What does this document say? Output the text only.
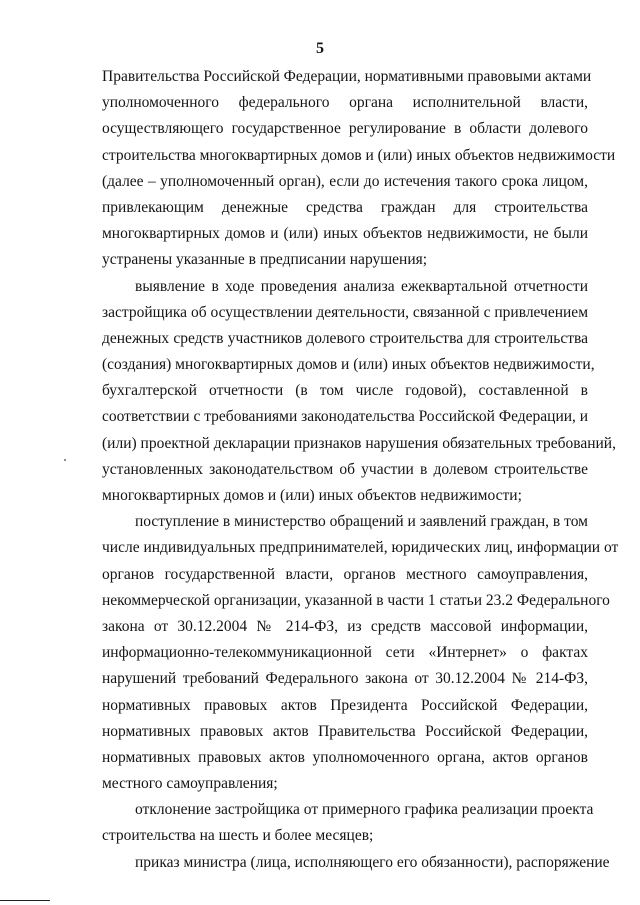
5
Правительства Российской Федерации, нормативными правовыми актами
уполномоченного федерального органа исполнительной власти,
осуществляющего государственное регулирование в области долевого
строительства многоквартирных домов и (или) иных объектов недвижимости
(далее – уполномоченный орган), если до истечения такого срока лицом,
привлекающим денежные средства граждан для строительства
многоквартирных домов и (или) иных объектов недвижимости, не были
устранены указанные в предписании нарушения;
выявление в ходе проведения анализа ежеквартальной отчетности
застройщика об осуществлении деятельности, связанной с привлечением
денежных средств участников долевого строительства для строительства
(создания) многоквартирных домов и (или) иных объектов недвижимости,
бухгалтерской отчетности (в том числе годовой), составленной в
соответствии с требованиями законодательства Российской Федерации, и
(или) проектной декларации признаков нарушения обязательных требований,
установленных законодательством об участии в долевом строительстве
многоквартирных домов и (или) иных объектов недвижимости;
поступление в министерство обращений и заявлений граждан, в том
числе индивидуальных предпринимателей, юридических лиц, информации от
органов государственной власти, органов местного самоуправления,
некоммерческой организации, указанной в части 1 статьи 23.2 Федерального
закона от 30.12.2004 № 214-ФЗ, из средств массовой информации,
информационно-телекоммуникационной сети «Интернет» о фактах
нарушений требований Федерального закона от 30.12.2004 № 214-ФЗ,
нормативных правовых актов Президента Российской Федерации,
нормативных правовых актов Правительства Российской Федерации,
нормативных правовых актов уполномоченного органа, актов органов
местного самоуправления;
отклонение застройщика от примерного графика реализации проекта
строительства на шесть и более месяцев;
приказ министра (лица, исполняющего его обязанности), распоряжение
